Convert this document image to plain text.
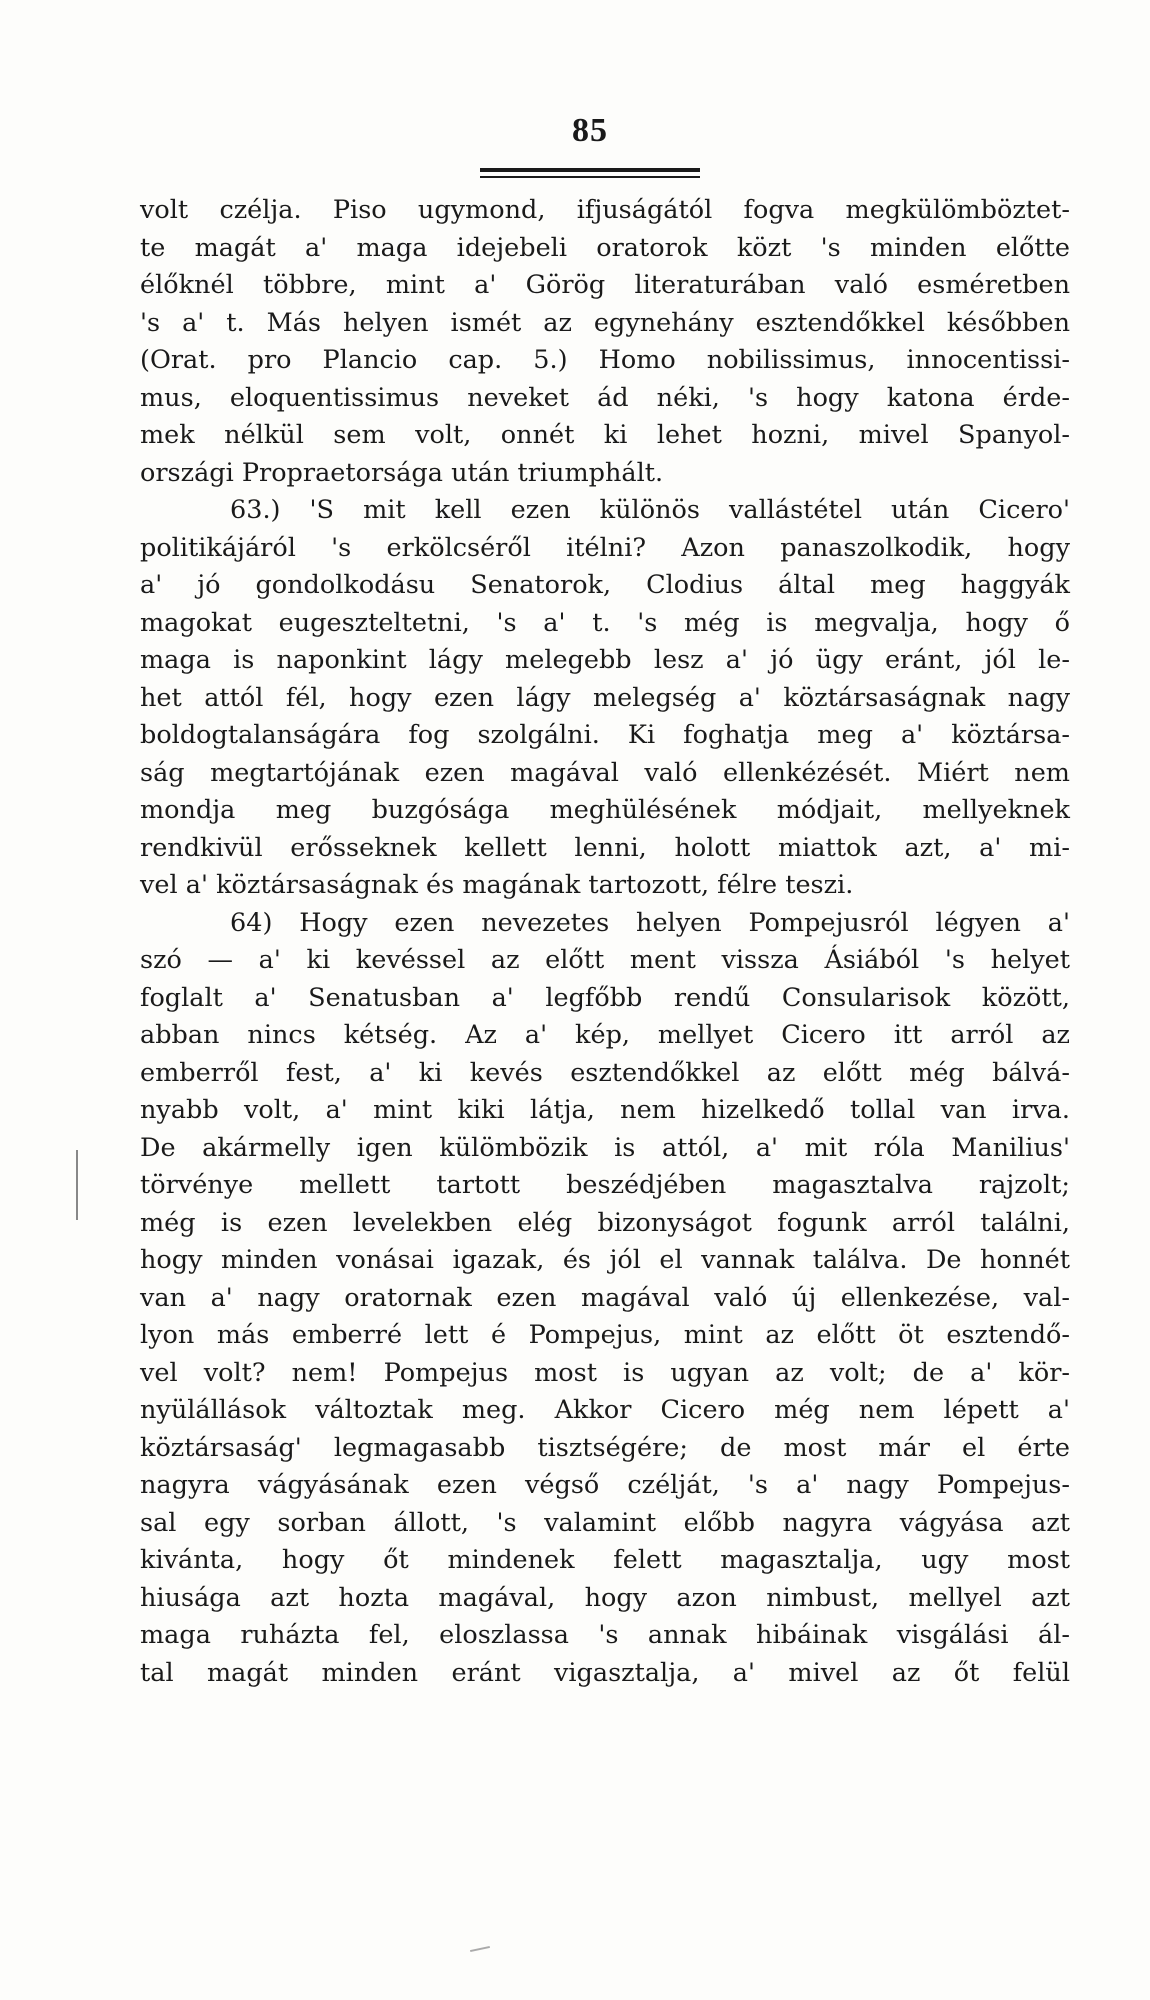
85
volt czélja. Piso ugymond, ifjuságától fogva megkülömböztet-
te magát a' maga idejebeli oratorok közt 's minden előtte
élőknél többre, mint a' Görög literaturában való esméretben
's a' t. Más helyen ismét az egynehány esztendőkkel későbben
(Orat. pro Plancio cap. 5.) Homo nobilissimus, innocentissi-
mus, eloquentissimus neveket ád néki, 's hogy katona érde-
mek nélkül sem volt, onnét ki lehet hozni, mivel Spanyol-
országi Propraetorsága után triumphált.
63.) 'S mit kell ezen különös vallástétel után Cicero'
politikájáról 's erkölcséről itélni? Azon panaszolkodik, hogy
a' jó gondolkodásu Senatorok, Clodius által meg haggyák
magokat eugeszteltetni, 's a' t. 's még is megvalja, hogy ő
maga is naponkint lágy melegebb lesz a' jó ügy eránt, jól le-
het attól fél, hogy ezen lágy melegség a' köztársaságnak nagy
boldogtalanságára fog szolgálni. Ki foghatja meg a' köztársa-
ság megtartójának ezen magával való ellenkézését. Miért nem
mondja meg buzgósága meghülésének módjait, mellyeknek
rendkivül erősseknek kellett lenni, holott miattok azt, a' mi-
vel a' köztársaságnak és magának tartozott, félre teszi.
64) Hogy ezen nevezetes helyen Pompejusról légyen a'
szó — a' ki kevéssel az előtt ment vissza Ásiából 's helyet
foglalt a' Senatusban a' legfőbb rendű Consularisok között,
abban nincs kétség. Az a' kép, mellyet Cicero itt arról az
emberről fest, a' ki kevés esztendőkkel az előtt még bálvá-
nyabb volt, a' mint kiki látja, nem hizelkedő tollal van irva.
De akármelly igen külömbözik is attól, a' mit róla Manilius'
törvénye mellett tartott beszédjében magasztalva rajzolt;
még is ezen levelekben elég bizonyságot fogunk arról találni,
hogy minden vonásai igazak, és jól el vannak találva. De honnét
van a' nagy oratornak ezen magával való új ellenkezése, val-
lyon más emberré lett é Pompejus, mint az előtt öt esztendő-
vel volt? nem! Pompejus most is ugyan az volt; de a' kör-
nyülállások változtak meg. Akkor Cicero még nem lépett a'
köztársaság' legmagasabb tisztségére; de most már el érte
nagyra vágyásának ezen végső czélját, 's a' nagy Pompejus-
sal egy sorban állott, 's valamint előbb nagyra vágyása azt
kivánta, hogy őt mindenek felett magasztalja, ugy most
hiusága azt hozta magával, hogy azon nimbust, mellyel azt
maga ruházta fel, eloszlassa 's annak hibáinak visgálási ál-
tal magát minden eránt vigasztalja, a' mivel az őt felül
